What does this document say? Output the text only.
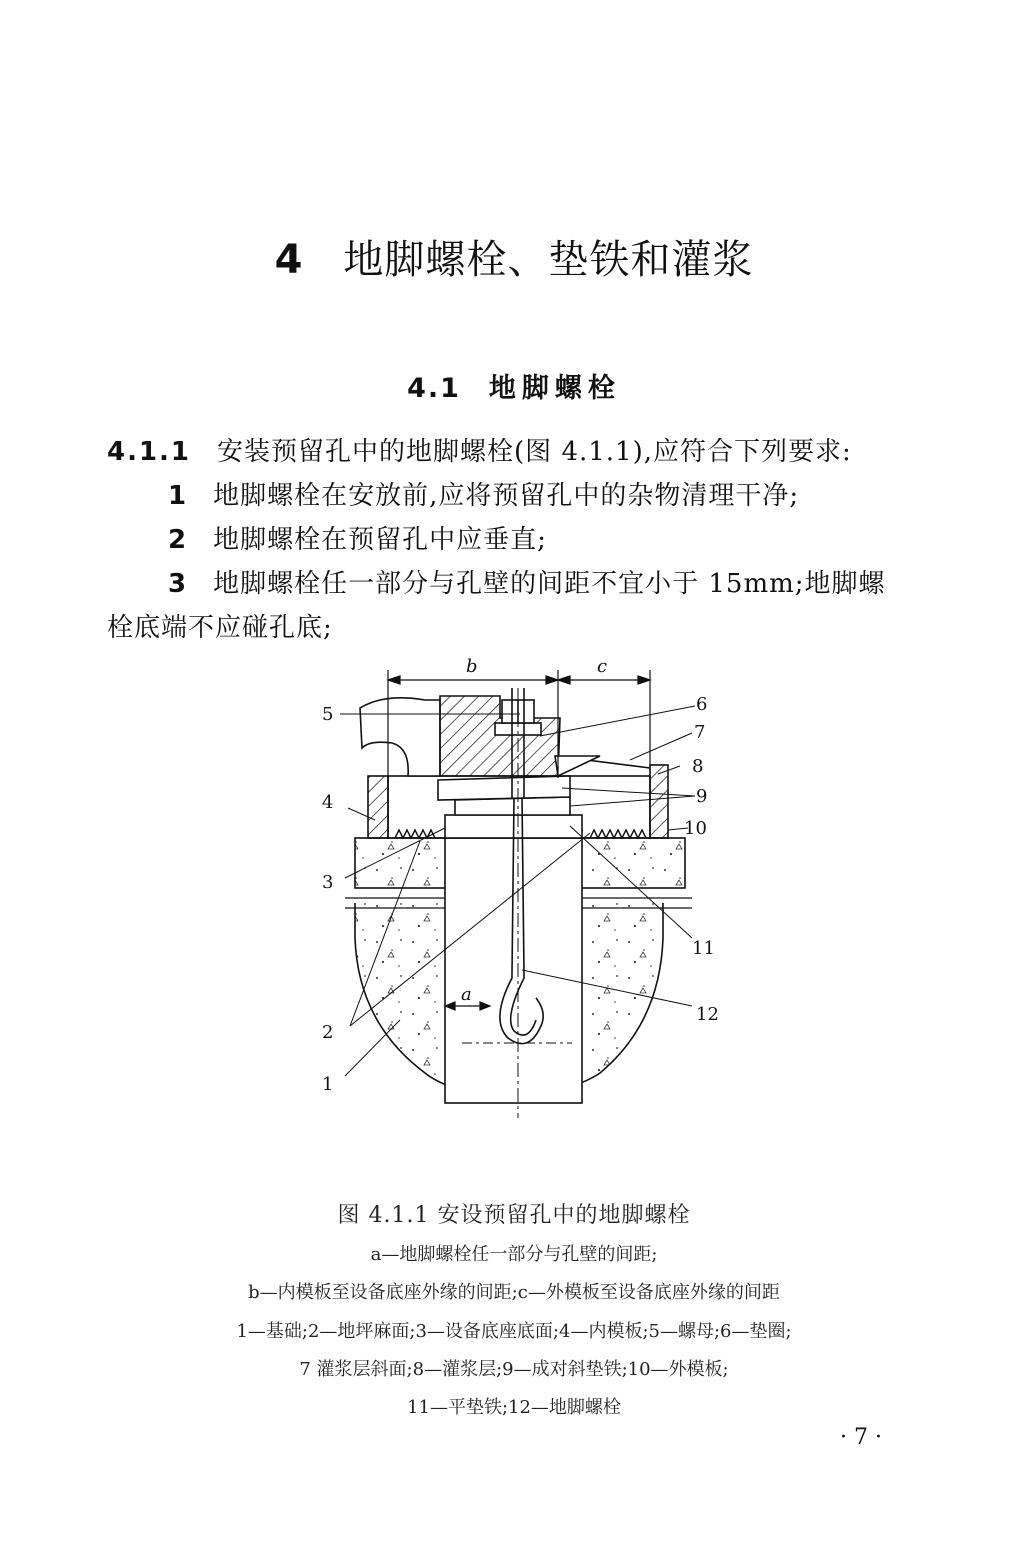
4 地脚螺栓、垫铁和灌浆
4.1 地脚螺栓
4.1.1 安装预留孔中的地脚螺栓(图 4.1.1),应符合下列要求:
1 地脚螺栓在安放前,应将预留孔中的杂物清理干净;
2 地脚螺栓在预留孔中应垂直;
3 地脚螺栓任一部分与孔壁的间距不宜小于 15mm;地脚螺
栓底端不应碰孔底;
b	c
a
5	6
7
8
9
4
10
3
11
12
2
1
图 4.1.1 安设预留孔中的地脚螺栓
a—地脚螺栓任一部分与孔壁的间距;
b—内模板至设备底座外缘的间距;c—外模板至设备底座外缘的间距
1—基础;2—地坪麻面;3—设备底座底面;4—内模板;5—螺母;6—垫圈;
7 灌浆层斜面;8—灌浆层;9—成对斜垫铁;10—外模板;
11—平垫铁;12—地脚螺栓
· 7 ·
